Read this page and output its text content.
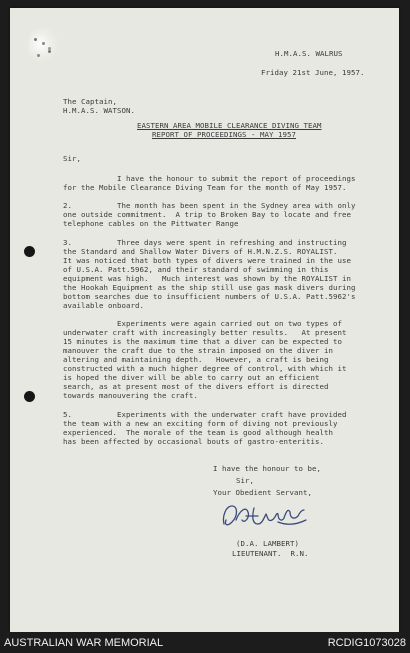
H.M.A.S. WALRUS
Friday 21st June, 1957.
The Captain,
H.M.A.S. WATSON.
EASTERN AREA MOBILE CLEARANCE DIVING TEAM
REPORT OF PROCEEDINGS - MAY 1957
Sir,
I have the honour to submit the report of proceedings
for the Mobile Clearance Diving Team for the month of May 1957.
2.          The month has been spent in the Sydney area with only
one outside commitment.  A trip to Broken Bay to locate and free
telephone cables on the Pittwater Range
3.          Three days were spent in refreshing and instructing
the Standard and Shallow Water Divers of H.M.N.Z.S. ROYALIST.
It was noticed that both types of divers were trained in the use
of U.S.A. Patt.5962, and their standard of swimming in this
equipment was high.   Much interest was shown by the ROYALIST in
the Hookah Equipment as the ship still use gas mask divers during
bottom searches due to insufficient numbers of U.S.A. Patt.5962's
available onboard.
Experiments were again carried out on two types of
underwater craft with increasingly better results.   At present
15 minutes is the maximum time that a diver can be expected to
manouver the craft due to the strain imposed on the diver in
altering and maintaining depth.   However, a craft is being
constructed with a much higher degree of control, with which it
is hoped the diver will be able to carry out an efficient
search, as at present most of the divers effort is directed
towards manouvering the craft.
5.          Experiments with the underwater craft have provided
the team with a new an exciting form of diving not previously
experienced.  The morale of the team is good although health
has been affected by occasional bouts of gastro-enteritis.
I have the honour to be,
Sir,
Your Obedient Servant,
(D.A. LAMBERT)
LIEUTENANT.  R.N.
AUSTRALIAN WAR MEMORIAL	RCDIG1073028
